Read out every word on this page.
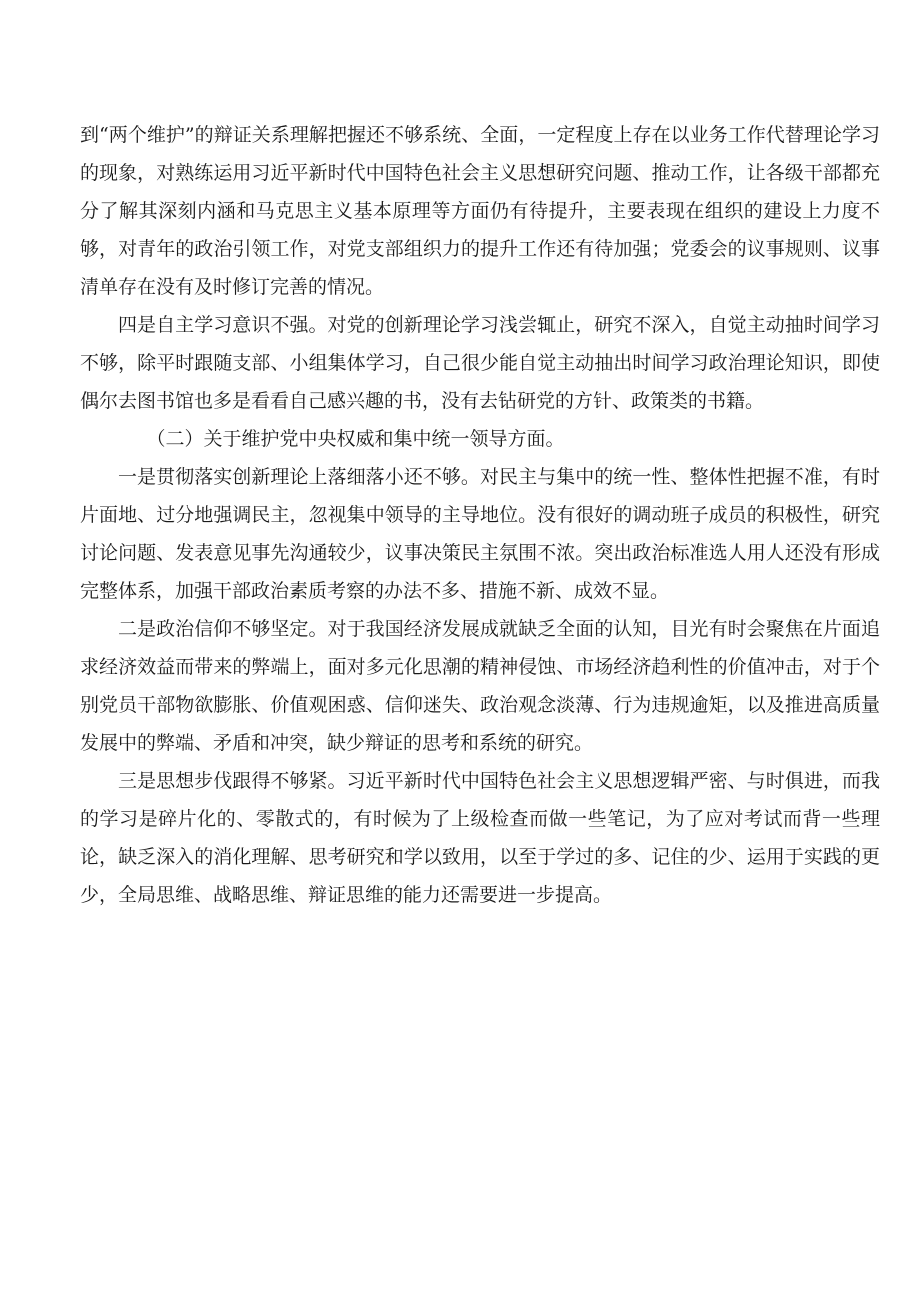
到“两个维护”的辩证关系理解把握还不够系统、全面，一定程度上存在以业务工作代替理论学习的现象，对熟练运用习近平新时代中国特色社会主义思想研究问题、推动工作，让各级干部都充分了解其深刻内涵和马克思主义基本原理等方面仍有待提升，主要表现在组织的建设上力度不够，对青年的政治引领工作，对党支部组织力的提升工作还有待加强；党委会的议事规则、议事清单存在没有及时修订完善的情况。

四是自主学习意识不强。对党的创新理论学习浅尝辄止，研究不深入，自觉主动抽时间学习不够，除平时跟随支部、小组集体学习，自己很少能自觉主动抽出时间学习政治理论知识，即使偶尔去图书馆也多是看看自己感兴趣的书，没有去钻研党的方针、政策类的书籍。

（二）关于维护党中央权威和集中统一领导方面。

一是贯彻落实创新理论上落细落小还不够。对民主与集中的统一性、整体性把握不准，有时片面地、过分地强调民主，忽视集中领导的主导地位。没有很好的调动班子成员的积极性，研究讨论问题、发表意见事先沟通较少，议事决策民主氛围不浓。突出政治标准选人用人还没有形成完整体系，加强干部政治素质考察的办法不多、措施不新、成效不显。

二是政治信仰不够坚定。对于我国经济发展成就缺乏全面的认知，目光有时会聚焦在片面追求经济效益而带来的弊端上，面对多元化思潮的精神侵蚀、市场经济趋利性的价值冲击，对于个别党员干部物欲膨胀、价值观困惑、信仰迷失、政治观念淡薄、行为违规逾矩，以及推进高质量发展中的弊端、矛盾和冲突，缺少辩证的思考和系统的研究。

三是思想步伐跟得不够紧。习近平新时代中国特色社会主义思想逻辑严密、与时俱进，而我的学习是碎片化的、零散式的，有时候为了上级检查而做一些笔记，为了应对考试而背一些理论，缺乏深入的消化理解、思考研究和学以致用，以至于学过的多、记住的少、运用于实践的更少，全局思维、战略思维、辩证思维的能力还需要进一步提高。
